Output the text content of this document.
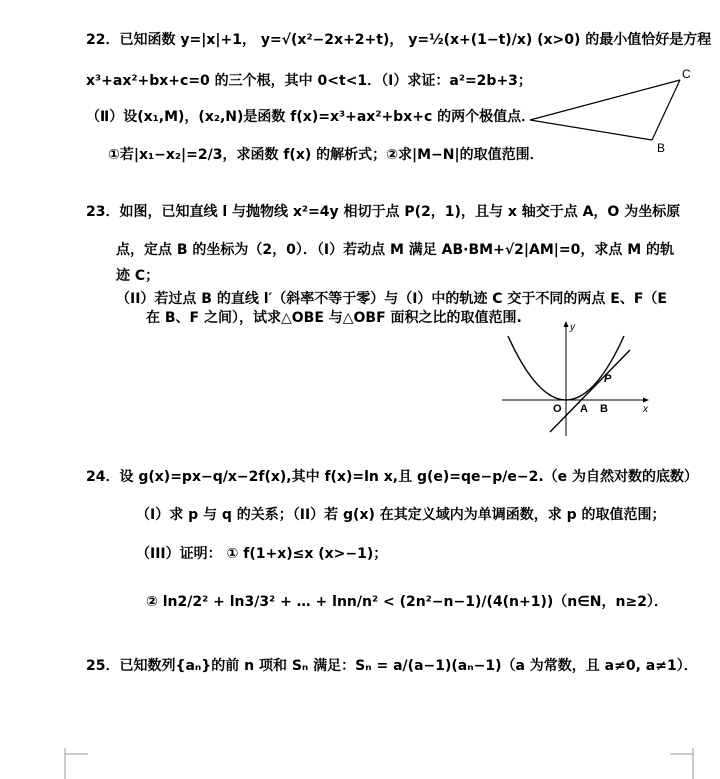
22．已知函数 y=|x|+1， y=√(x²−2x+2+t)， y=½(x+(1−t)/x) (x>0) 的最小值恰好是方程
x³+ax²+bx+c=0 的三个根，其中 0<t<1．（Ⅰ）求证：a²=2b+3；
（Ⅱ）设(x₁,M)，(x₂,N)是函数 f(x)=x³+ax²+bx+c 的两个极值点．
①若|x₁−x₂|=2/3，求函数 f(x) 的解析式；②求|M−N|的取值范围．
C
B
23．如图，已知直线 l 与抛物线 x²=4y 相切于点 P(2，1)，且与 x 轴交于点 A，O 为坐标原
点，定点 B 的坐标为（2，0）．（I）若动点 M 满足 AB·BM+√2|AM|=0，求点 M 的轨
迹 C；
（II）若过点 B 的直线 l′（斜率不等于零）与（I）中的轨迹 C 交于不同的两点 E、F（E
在 B、F 之间），试求△OBE 与△OBF 面积之比的取值范围.
y
x
O A B
P
24．设 g(x)=px−q/x−2f(x),其中 f(x)=ln x,且 g(e)=qe−p/e−2.（e 为自然对数的底数）
（I）求 p 与 q 的关系；（II）若 g(x) 在其定义域内为单调函数，求 p 的取值范围；
（III）证明： ① f(1+x)≤x (x>−1)；
② ln2/2² + ln3/3² + … + lnn/n² < (2n²−n−1)/(4(n+1))（n∈N，n≥2）．
25．已知数列{aₙ}的前 n 项和 Sₙ 满足：Sₙ = a/(a−1)(aₙ−1)（a 为常数，且 a≠0, a≠1）．
